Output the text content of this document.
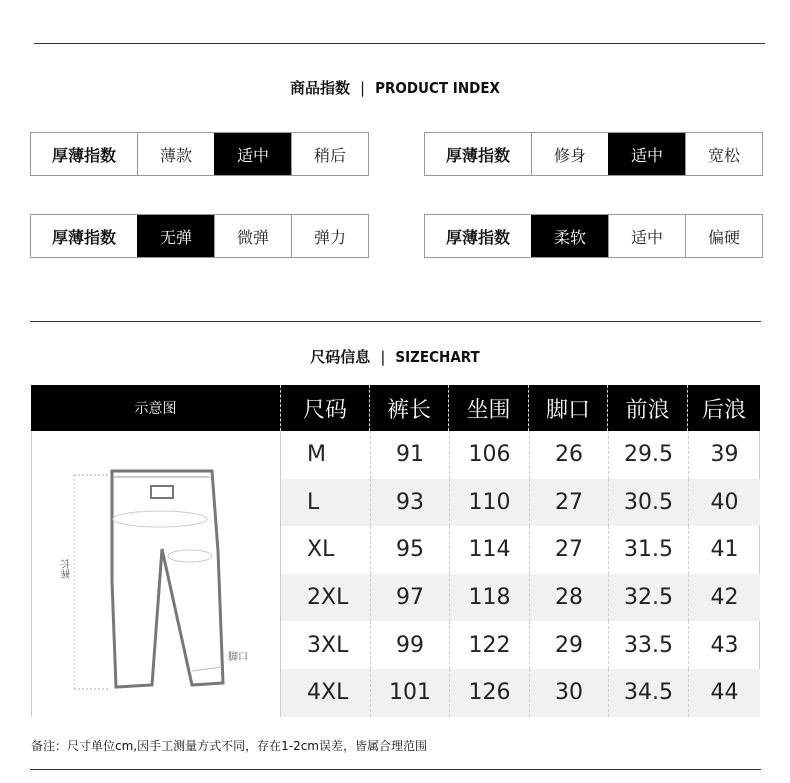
商品指数 | PRODUCT INDEX
厚薄指数	薄款	适中	稍后	厚薄指数	修身	适中	宽松
厚薄指数	无弹	微弹	弹力	厚薄指数	柔软	适中	偏硬
尺码信息 | SIZECHART
示意图	尺码	裤长	坐围	脚口	前浪	后浪
裤长
脚口
M	91	106	26	29.5	39
L	93	110	27	30.5	40
XL	95	114	27	31.5	41
2XL	97	118	28	32.5	42
3XL	99	122	29	33.5	43
4XL	101	126	30	34.5	44
备注：尺寸单位cm,因手工测量方式不同，存在1-2cm误差，皆属合理范围
